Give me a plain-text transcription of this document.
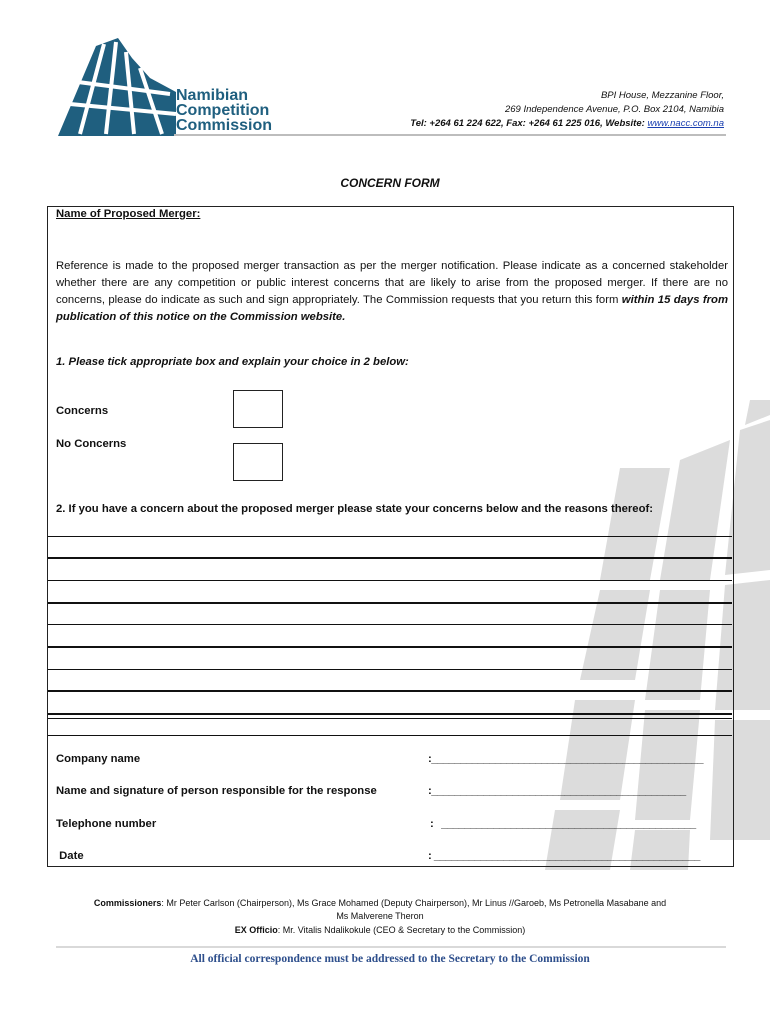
Namibian
Competition
Commission
BPI House, Mezzanine Floor,
269 Independence Avenue, P.O. Box 2104, Namibia
Tel: +264 61 224 622, Fax: +264 61 225 016, Website: www.nacc.com.na
CONCERN FORM
Name of Proposed Merger:
Reference is made to the proposed merger transaction as per the merger notification. Please indicate as a concerned stakeholder whether there are any competition or public interest concerns that are likely to arise from the proposed merger. If there are no concerns, please do indicate as such and sign appropriately. The Commission requests that you return this form within 15 days from publication of this notice on the Commission website.
1. Please tick appropriate box and explain your choice in 2 below:
Concerns
No Concerns
2. If you have a concern about the proposed merger please state your concerns below and the reasons thereof:
Company name	:_______________________________________________
Name and signature of person responsible for the response	:____________________________________________
Telephone number	:   ____________________________________________
Date	: ______________________________________________
Commissioners: Mr Peter Carlson (Chairperson), Ms Grace Mohamed (Deputy Chairperson), Mr Linus //Garoeb, Ms Petronella Masabane and
Ms Malverene Theron
EX Officio: Mr. Vitalis Ndalikokule (CEO & Secretary to the Commission)
All official correspondence must be addressed to the Secretary to the Commission
